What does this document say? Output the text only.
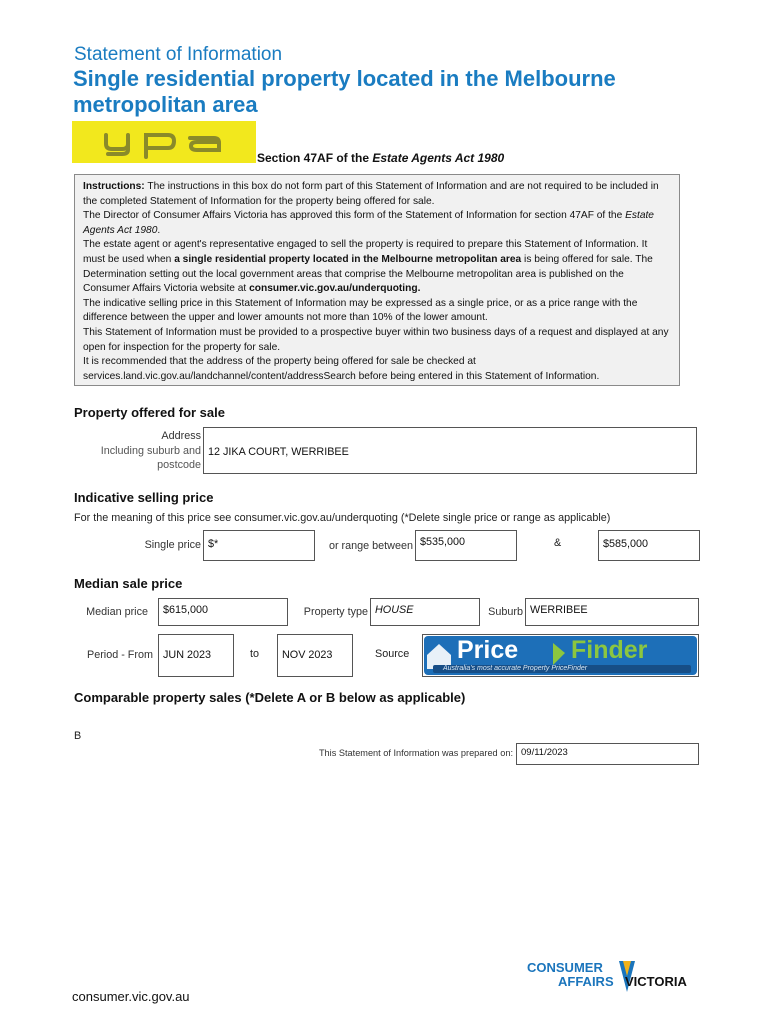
Statement of Information
Single residential property located in the Melbourne metropolitan area
Section 47AF of the Estate Agents Act 1980

Instructions: The instructions in this box do not form part of this Statement of Information and are not required to be included in the completed Statement of Information for the property being offered for sale.

The Director of Consumer Affairs Victoria has approved this form of the Statement of Information for section 47AF of the Estate Agents Act 1980.

The estate agent or agent's representative engaged to sell the property is required to prepare this Statement of Information. It must be used when a single residential property located in the Melbourne metropolitan area is being offered for sale. The Determination setting out the local government areas that comprise the Melbourne metropolitan area is published on the Consumer Affairs Victoria website at consumer.vic.gov.au/underquoting.

The indicative selling price in this Statement of Information may be expressed as a single price, or as a price range with the difference between the upper and lower amounts not more than 10% of the lower amount.

This Statement of Information must be provided to a prospective buyer within two business days of a request and displayed at any open for inspection for the property for sale.

It is recommended that the address of the property being offered for sale be checked at services.land.vic.gov.au/landchannel/content/addressSearch before being entered in this Statement of Information.

Property offered for sale
Address
Including suburb and
postcode
12 JIKA COURT, WERRIBEE
Indicative selling price
For the meaning of this price see consumer.vic.gov.au/underquoting (*Delete single price or range as applicable)
Single price $*	or range between $535,000	&	$585,000
Median sale price
Median price	$615,000	Property type HOUSE	Suburb WERRIBEE
Period - From JUN 2023	to	NOV 2023	Source Price Finder
Australia's most accurate Property PriceFinder
Comparable property sales (*Delete A or B below as applicable)
B
This Statement of Information was prepared on: 09/11/2023
consumer.vic.gov.au
CONSUMER
AFFAIRS VICTORIA
